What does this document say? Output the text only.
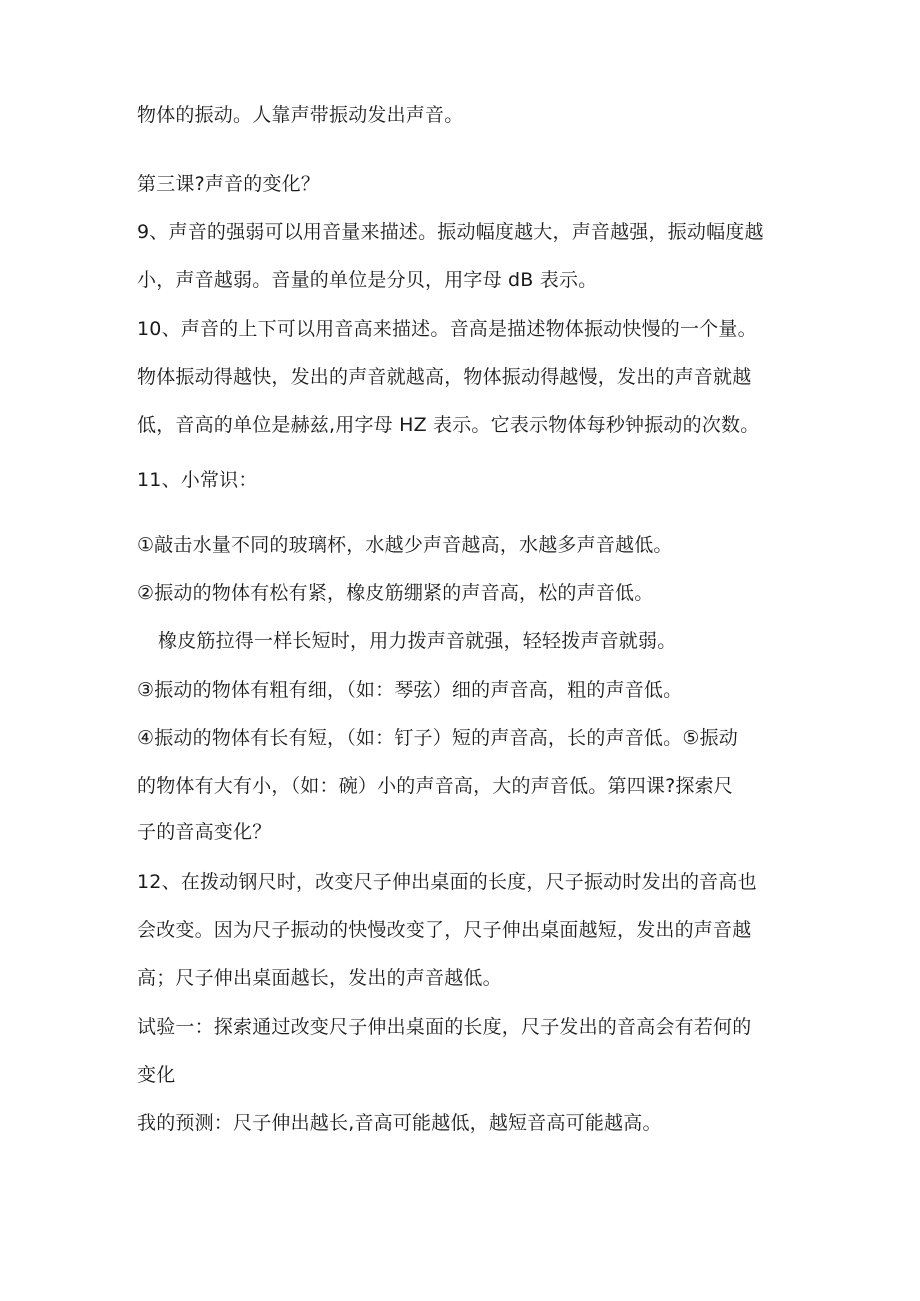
物体的振动。人靠声带振动发出声音。
第三课?声音的变化？
9、声音的强弱可以用音量来描述。振动幅度越大，声音越强，振动幅度越
小，声音越弱。音量的单位是分贝，用字母 dB 表示。
10、声音的上下可以用音高来描述。音高是描述物体振动快慢的一个量。
物体振动得越快，发出的声音就越高，物体振动得越慢，发出的声音就越
低，音高的单位是赫兹,用字母 HZ 表示。它表示物体每秒钟振动的次数。
11、小常识：
①敲击水量不同的玻璃杯，水越少声音越高，水越多声音越低。
②振动的物体有松有紧，橡皮筋绷紧的声音高，松的声音低。
橡皮筋拉得一样长短时，用力拨声音就强，轻轻拨声音就弱。
③振动的物体有粗有细，（如：琴弦）细的声音高，粗的声音低。
④振动的物体有长有短，（如：钉子）短的声音高，长的声音低。⑤振动
的物体有大有小，（如：碗）小的声音高，大的声音低。第四课?探索尺
子的音高变化？
12、在拨动钢尺时，改变尺子伸出桌面的长度，尺子振动时发出的音高也
会改变。因为尺子振动的快慢改变了，尺子伸出桌面越短，发出的声音越
高；尺子伸出桌面越长，发出的声音越低。
试验一：探索通过改变尺子伸出桌面的长度，尺子发出的音高会有若何的
变化
我的预测：尺子伸出越长,音高可能越低，越短音高可能越高。
